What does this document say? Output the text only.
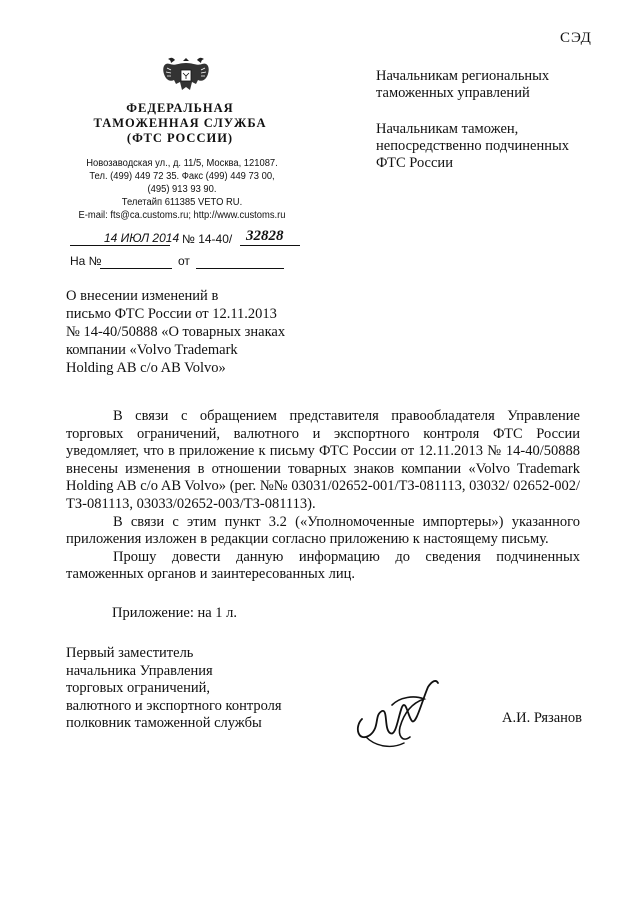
СЭД
ФЕДЕРАЛЬНАЯ
ТАМОЖЕННАЯ СЛУЖБА
(ФТС РОССИИ)
Новозаводская ул., д. 11/5, Москва, 121087.
Тел. (499) 449 72 35. Факс (499) 449 73 00,
(495) 913 93 90.
Телетайп 611385 VETO RU.
E-mail: fts@ca.customs.ru; http://www.customs.ru
14 ИЮЛ 2014 № 14-40/ 32828
На №	от
Начальникам региональных
таможенных управлений
Начальникам таможен,
непосредственно подчиненных
ФТС России
О внесении изменений в
письмо ФТС России от 12.11.2013
№ 14-40/50888 «О товарных знаках
компании «Volvo Trademark
Holding AB c/o AB Volvo»

В связи с обращением представителя правообладателя Управление торговых ограничений, валютного и экспортного контроля ФТС России уведомляет, что в приложение к письму ФТС России от 12.11.2013 № 14-40/50888 внесены изменения в отношении товарных знаков компании «Volvo Trademark Holding AB c/o AB Volvo» (рег. №№ 03031/02652-001/ТЗ-081113, 03032/ 02652-002/ТЗ-081113, 03033/02652-003/ТЗ-081113).

В связи с этим пункт 3.2 («Уполномоченные импортеры») указанного приложения изложен в редакции согласно приложению к настоящему письму.

Прошу довести данную информацию до сведения подчиненных таможенных органов и заинтересованных лиц.

Приложение: на 1 л.
Первый заместитель
начальника Управления
торговых ограничений,
валютного и экспортного контроля
полковник таможенной службы	А.И. Рязанов
